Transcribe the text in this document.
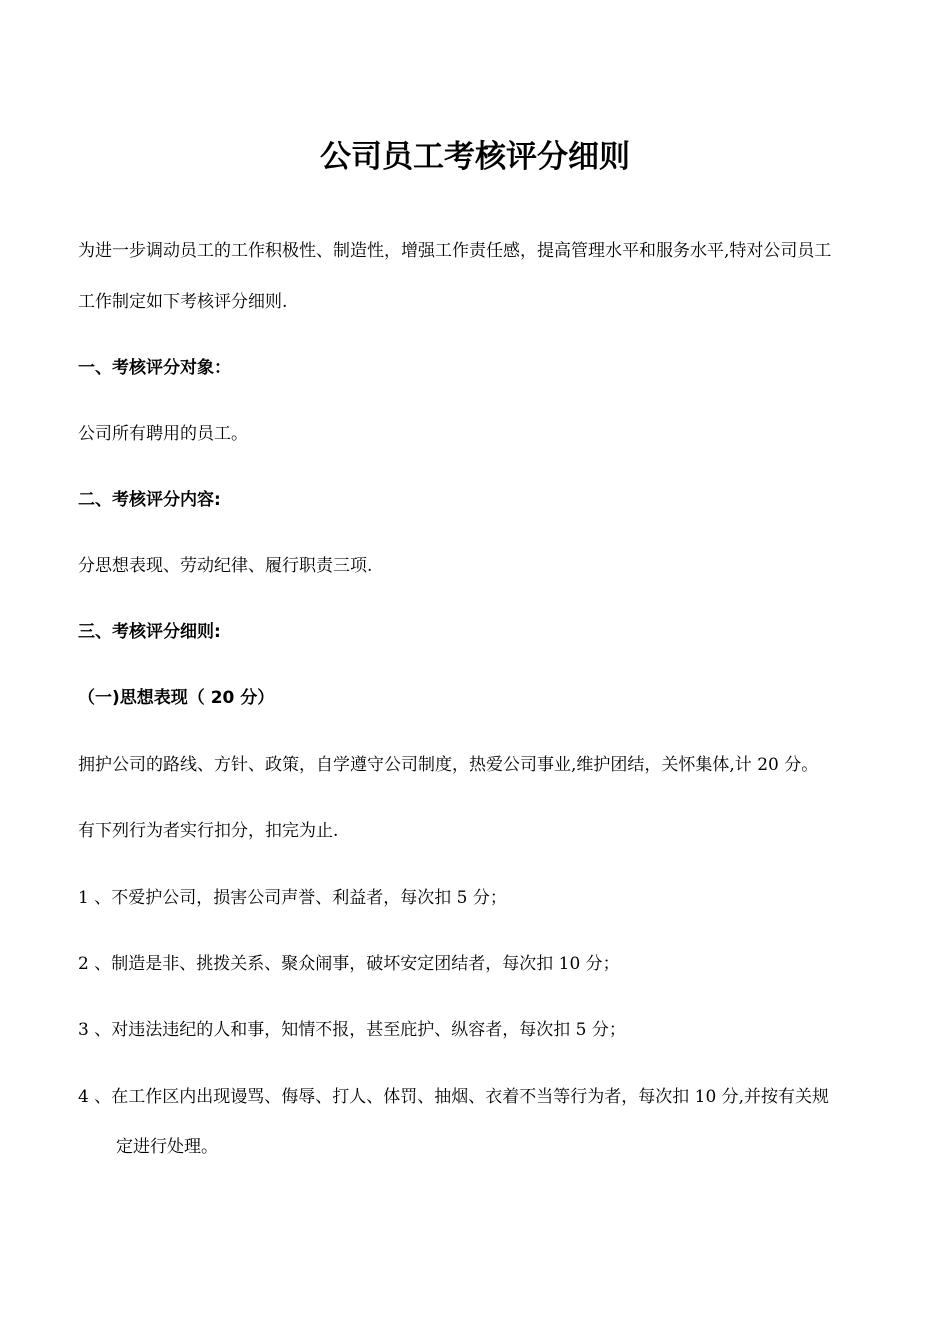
公司员工考核评分细则
为进一步调动员工的工作积极性、制造性，增强工作责任感，提高管理水平和服务水平,特对公司员工
工作制定如下考核评分细则.
一、考核评分对象：
公司所有聘用的员工。
二、考核评分内容:
分思想表现、劳动纪律、履行职责三项.
三、考核评分细则:
（一)思想表现（ 20 分）
拥护公司的路线、方针、政策，自学遵守公司制度，热爱公司事业,维护团结，关怀集体,计 20 分。
有下列行为者实行扣分，扣完为止.
1 、不爱护公司，损害公司声誉、利益者，每次扣 5 分；
2 、制造是非、挑拨关系、聚众闹事，破坏安定团结者，每次扣 10 分；
3 、对违法违纪的人和事，知情不报，甚至庇护、纵容者，每次扣 5 分；
4 、在工作区内出现谩骂、侮辱、打人、体罚、抽烟、衣着不当等行为者，每次扣 10 分,并按有关规
定进行处理。
